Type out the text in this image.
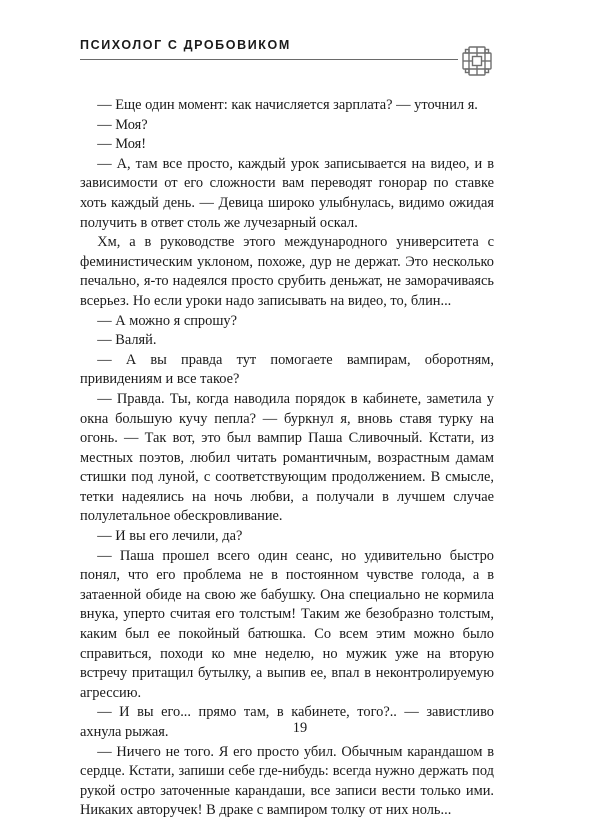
ПСИХОЛОГ С ДРОБОВИКОМ

— Еще один момент: как начисляется зарплата? — уточнил я.

— Моя?

— Моя!

— А, там все просто, каждый урок записывается на видео, и в зависимости от его сложности вам переводят гонорар по ставке хоть каждый день. — Девица широко улыбнулась, видимо ожидая получить в ответ столь же лучезарный оскал.

Хм, а в руководстве этого международного университета с феминистическим уклоном, похоже, дур не держат. Это несколько печально, я-то надеялся просто срубить деньжат, не заморачиваясь всерьез. Но если уроки надо записывать на видео, то, блин...

— А можно я спрошу?

— Валяй.

— А вы правда тут помогаете вампирам, оборотням, привидениям и все такое?

— Правда. Ты, когда наводила порядок в кабинете, заметила у окна большую кучу пепла? — буркнул я, вновь ставя турку на огонь. — Так вот, это был вампир Паша Сливочный. Кстати, из местных поэтов, любил читать романтичным, возрастным дамам стишки под луной, с соответствующим продолжением. В смысле, тетки надеялись на ночь любви, а получали в лучшем случае полулетальное обескровливание.

— И вы его лечили, да?

— Паша прошел всего один сеанс, но удивительно быстро понял, что его проблема не в постоянном чувстве голода, а в затаенной обиде на свою же бабушку. Она специально не кормила внука, уперто считая его толстым! Таким же безобразно толстым, каким был ее покойный батюшка. Со всем этим можно было справиться, походи ко мне неделю, но мужик уже на вторую встречу притащил бутылку, а выпив ее, впал в неконтролируемую агрессию.

— И вы его... прямо там, в кабинете, того?.. — завистливо ахнула рыжая.

— Ничего не того. Я его просто убил. Обычным карандашом в сердце. Кстати, запиши себе где-нибудь: всегда нужно держать под рукой остро заточенные карандаши, все записи вести только ими. Никаких авторучек! В драке с вампиром толку от них ноль...

19
